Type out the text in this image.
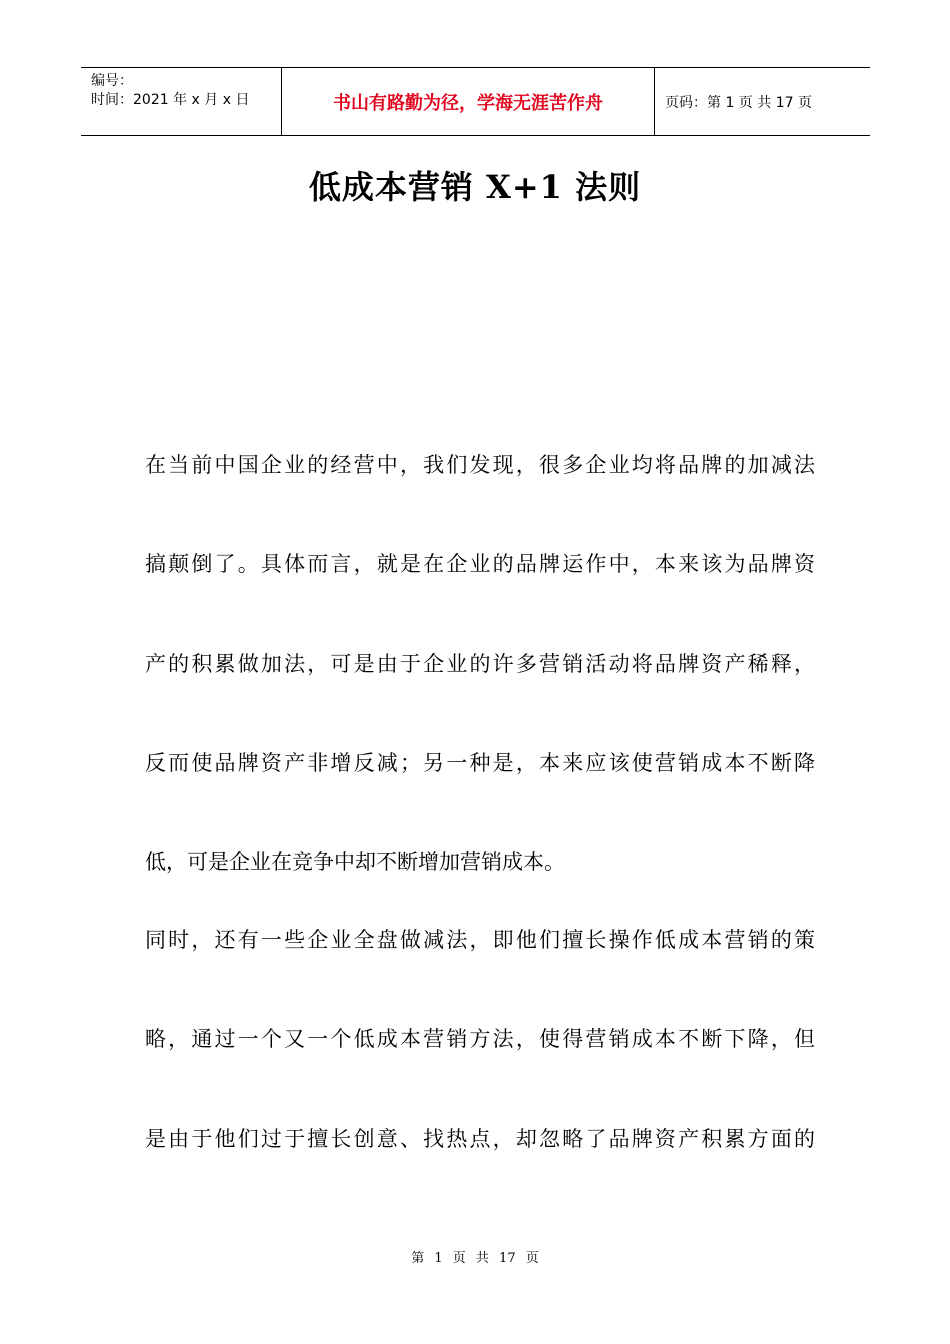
编号：
时间：2021 年 x 月 x 日	书山有路勤为径，学海无涯苦作舟	页码：第 1 页 共 17 页
低成本营销 X+1 法则
在当前中国企业的经营中，我们发现，很多企业均将品牌的加减法
搞颠倒了。具体而言，就是在企业的品牌运作中，本来该为品牌资
产的积累做加法，可是由于企业的许多营销活动将品牌资产稀释，
反而使品牌资产非增反减；另一种是，本来应该使营销成本不断降
低，可是企业在竞争中却不断增加营销成本。
同时，还有一些企业全盘做减法，即他们擅长操作低成本营销的策
略，通过一个又一个低成本营销方法，使得营销成本不断下降，但
是由于他们过于擅长创意、找热点，却忽略了品牌资产积累方面的
第 1 页 共 17 页
